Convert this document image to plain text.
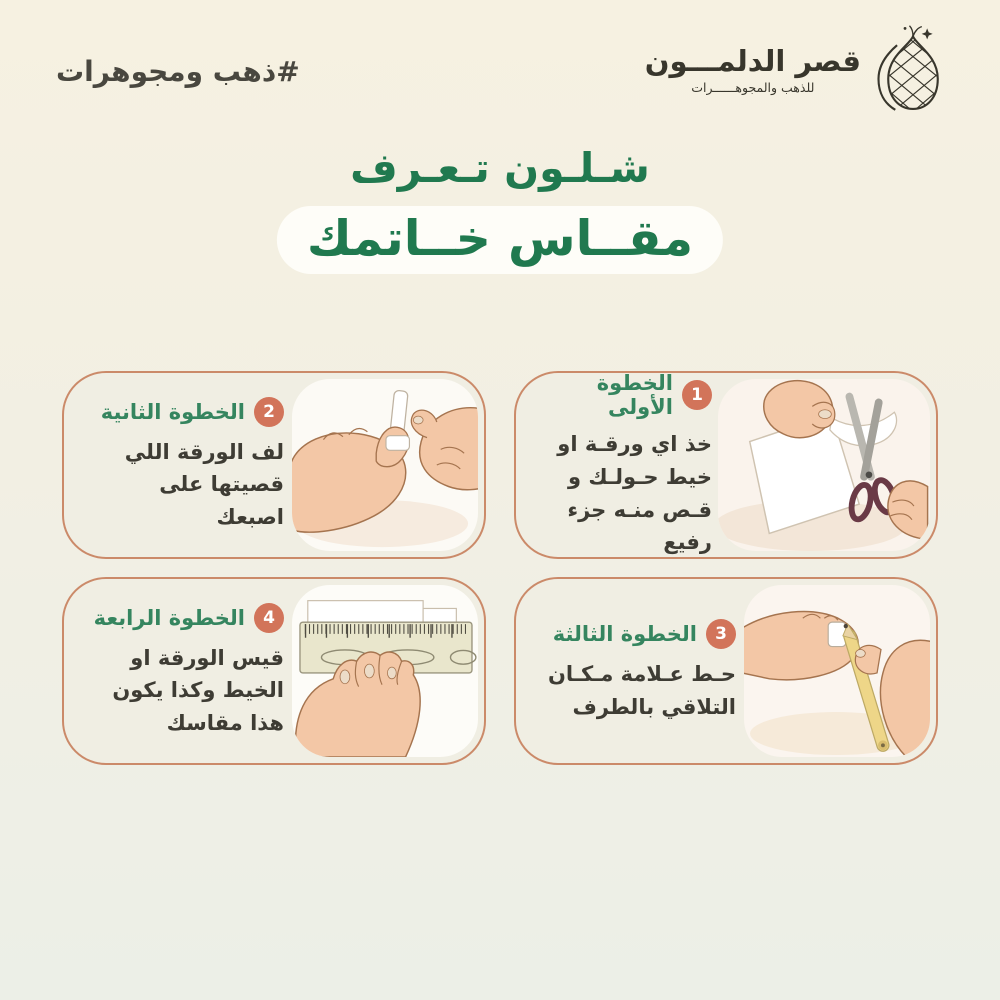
#ذهب ومجوهرات	قصر الدلمـــون
للذهب والمجوهــــــرات
شـلـون تـعـرف
مقــاس خــاتمك
1
الخطوة الأولى
خذ اي ورقـة او خيط حـولـك و قـص منـه جزء رفيع
2
الخطوة الثانية
لف الورقة اللي قصيتها على اصبعك
3
الخطوة الثالثة
حـط عـلامة مـكـان التلاقي بالطرف
4
الخطوة الرابعة
قيس الورقة او الخيط وكذا يكون هذا مقاسك
